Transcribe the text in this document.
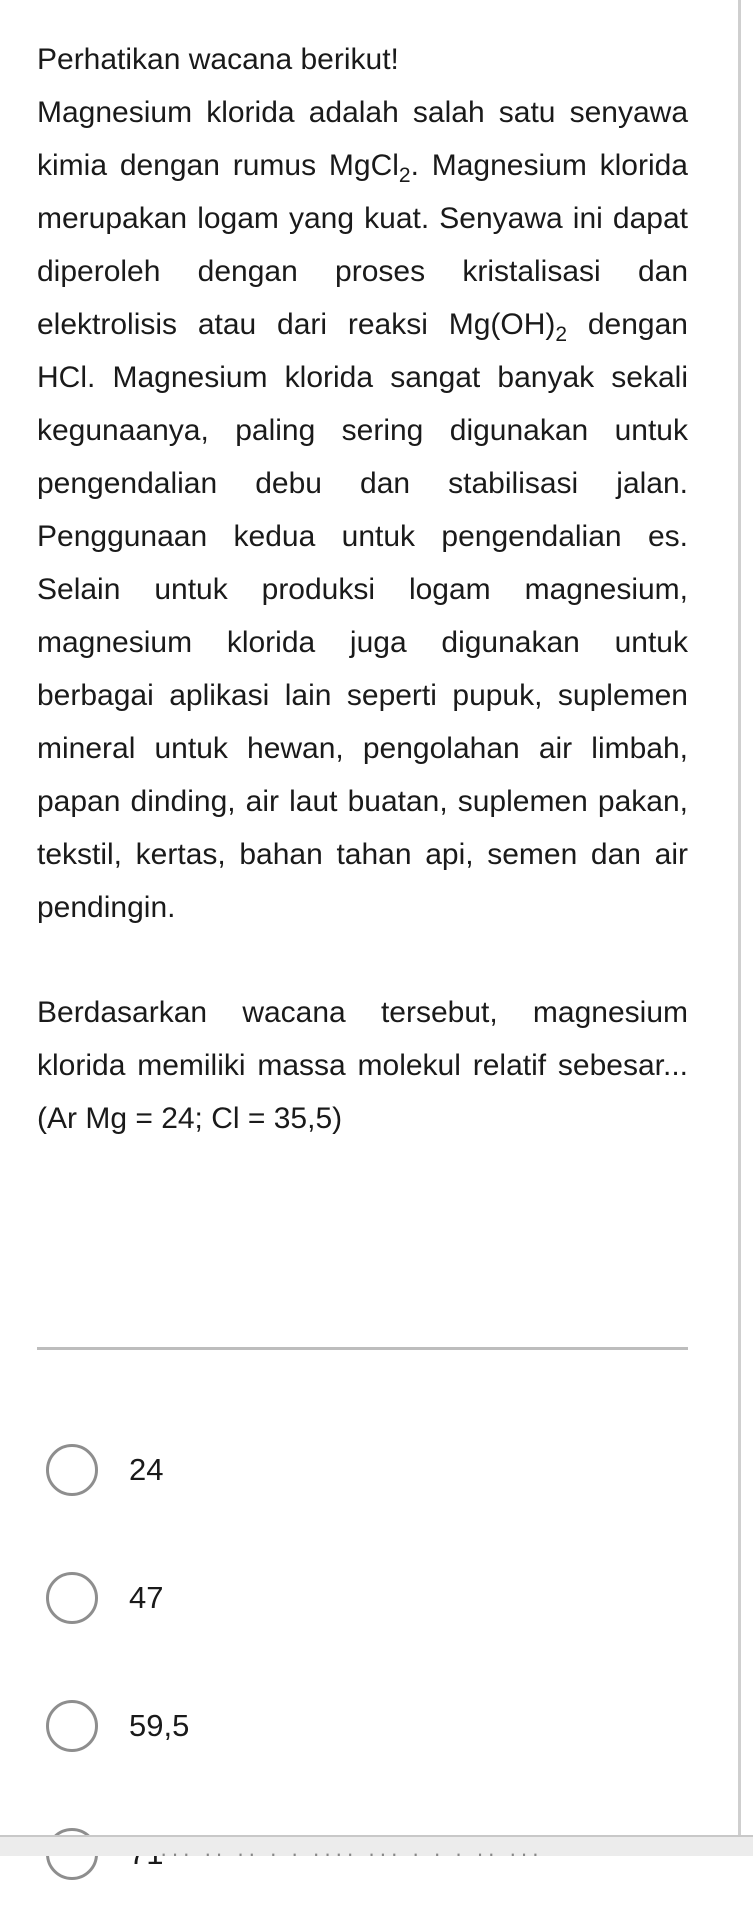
Perhatikan wacana berikut!

Magnesium klorida adalah salah satu senyawa kimia dengan rumus MgCl$_2$. Magnesium klorida merupakan logam yang kuat. Senyawa ini dapat diperoleh dengan proses kristalisasi dan elektrolisis atau dari reaksi $Mg(OH)_2$ dengan HCl. Magnesium klorida sangat banyak sekali kegunaanya, paling sering digunakan untuk pengendalian debu dan stabilisasi jalan. Penggunaan kedua untuk pengendalian es. Selain untuk produksi logam magnesium, magnesium klorida juga digunakan untuk berbagai aplikasi lain seperti pupuk, suplemen mineral untuk hewan, pengolahan air limbah, papan dinding, air laut buatan, suplemen pakan, tekstil, kertas, bahan tahan api, semen dan air pendingin.

Berdasarkan wacana tersebut, magnesium klorida memiliki massa molekul relatif sebesar... (Ar Mg = 24; Cl = 35,5)

24
47
59,5
··· ·· ·· · · ···· ··· · · · ·· ···
